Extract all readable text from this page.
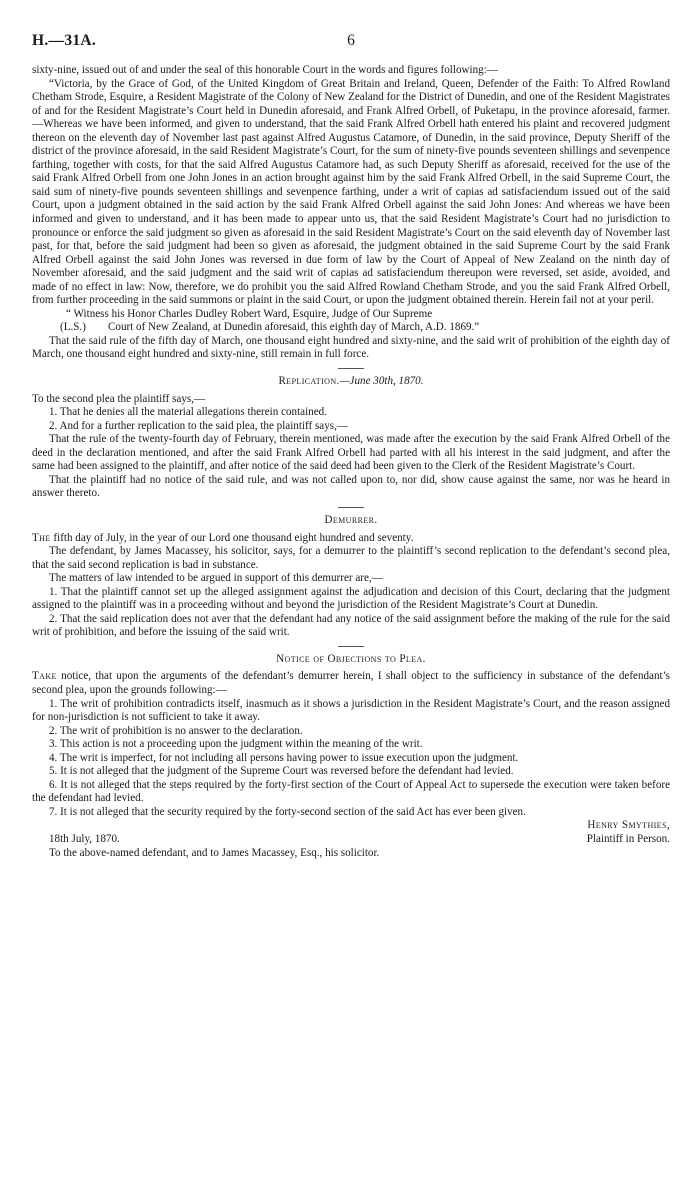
H.—31A.	6

sixty-nine, issued out of and under the seal of this honorable Court in the words and figures following:—

“Victoria, by the Grace of God, of the United Kingdom of Great Britain and Ireland, Queen, Defender of the Faith: To Alfred Rowland Chetham Strode, Esquire, a Resident Magistrate of the Colony of New Zealand for the District of Dunedin, and one of the Resident Magistrates of and for the Resident Magistrate’s Court held in Dunedin aforesaid, and Frank Alfred Orbell, of Puketapu, in the province aforesaid, farmer.—Whereas we have been informed, and given to understand, that the said Frank Alfred Orbell hath entered his plaint and recovered judgment thereon on the eleventh day of November last past against Alfred Augustus Catamore, of Dunedin, in the said province, Deputy Sheriff of the district of the province aforesaid, in the said Resident Magistrate’s Court, for the sum of ninety-five pounds seventeen shillings and sevenpence farthing, together with costs, for that the said Alfred Augustus Catamore had, as such Deputy Sheriff as aforesaid, received for the use of the said Frank Alfred Orbell from one John Jones in an action brought against him by the said Frank Alfred Orbell, in the said Supreme Court, the said sum of ninety-five pounds seventeen shillings and sevenpence farthing, under a writ of capias ad satisfaciendum issued out of the said Court, upon a judgment obtained in the said action by the said Frank Alfred Orbell against the said John Jones: And whereas we have been informed and given to understand, and it has been made to appear unto us, that the said Resident Magistrate’s Court had no jurisdiction to pronounce or enforce the said judgment so given as aforesaid in the said Resident Magistrate’s Court on the said eleventh day of November last past, for that, before the said judgment had been so given as aforesaid, the judgment obtained in the said Supreme Court by the said Frank Alfred Orbell against the said John Jones was reversed in due form of law by the Court of Appeal of New Zealand on the ninth day of November aforesaid, and the said judgment and the said writ of capias ad satisfaciendum thereupon were reversed, set aside, avoided, and made of no effect in law: Now, therefore, we do prohibit you the said Alfred Rowland Chetham Strode, and you the said Frank Alfred Orbell, from further proceeding in the said summons or plaint in the said Court, or upon the judgment obtained therein. Herein fail not at your peril.

“ Witness his Honor Charles Dudley Robert Ward, Esquire, Judge of Our Supreme

(L.S.)	Court of New Zealand, at Dunedin aforesaid, this eighth day of March, A.D. 1869.”

That the said rule of the fifth day of March, one thousand eight hundred and sixty-nine, and the said writ of prohibition of the eighth day of March, one thousand eight hundred and sixty-nine, still remain in full force.

Replication.—June 30th, 1870.

To the second plea the plaintiff says,—

1. That he denies all the material allegations therein contained.

2. And for a further replication to the said plea, the plaintiff says,—

That the rule of the twenty-fourth day of February, therein mentioned, was made after the execution by the said Frank Alfred Orbell of the deed in the declaration mentioned, and after the said Frank Alfred Orbell had parted with all his interest in the said judgment, and after the same had been assigned to the plaintiff, and after notice of the said deed had been given to the Clerk of the Resident Magistrate’s Court.

That the plaintiff had no notice of the said rule, and was not called upon to, nor did, show cause against the same, nor was he heard in answer thereto.

Demurrer.

The fifth day of July, in the year of our Lord one thousand eight hundred and seventy.

The defendant, by James Macassey, his solicitor, says, for a demurrer to the plaintiff’s second replication to the defendant’s second plea, that the said second replication is bad in substance.

The matters of law intended to be argued in support of this demurrer are,—

1. That the plaintiff cannot set up the alleged assignment against the adjudication and decision of this Court, declaring that the judgment assigned to the plaintiff was in a proceeding without and beyond the jurisdiction of the Resident Magistrate’s Court at Dunedin.

2. That the said replication does not aver that the defendant had any notice of the said assignment before the making of the rule for the said writ of prohibition, and before the issuing of the said writ.

Notice of Objections to Plea.

Take notice, that upon the arguments of the defendant’s demurrer herein, I shall object to the sufficiency in substance of the defendant’s second plea, upon the grounds following:—

1. The writ of prohibition contradicts itself, inasmuch as it shows a jurisdiction in the Resident Magistrate’s Court, and the reason assigned for non-jurisdiction is not sufficient to take it away.

2. The writ of prohibition is no answer to the declaration.

3. This action is not a proceeding upon the judgment within the meaning of the writ.

4. The writ is imperfect, for not including all persons having power to issue execution upon the judgment.

5. It is not alleged that the judgment of the Supreme Court was reversed before the defendant had levied.

6. It is not alleged that the steps required by the forty-first section of the Court of Appeal Act to supersede the execution were taken before the defendant had levied.

7. It is not alleged that the security required by the forty-second section of the said Act has ever been given.

Henry Smythies,
18th July, 1870.	Plaintiff in Person.

To the above-named defendant, and to James Macassey, Esq., his solicitor.
